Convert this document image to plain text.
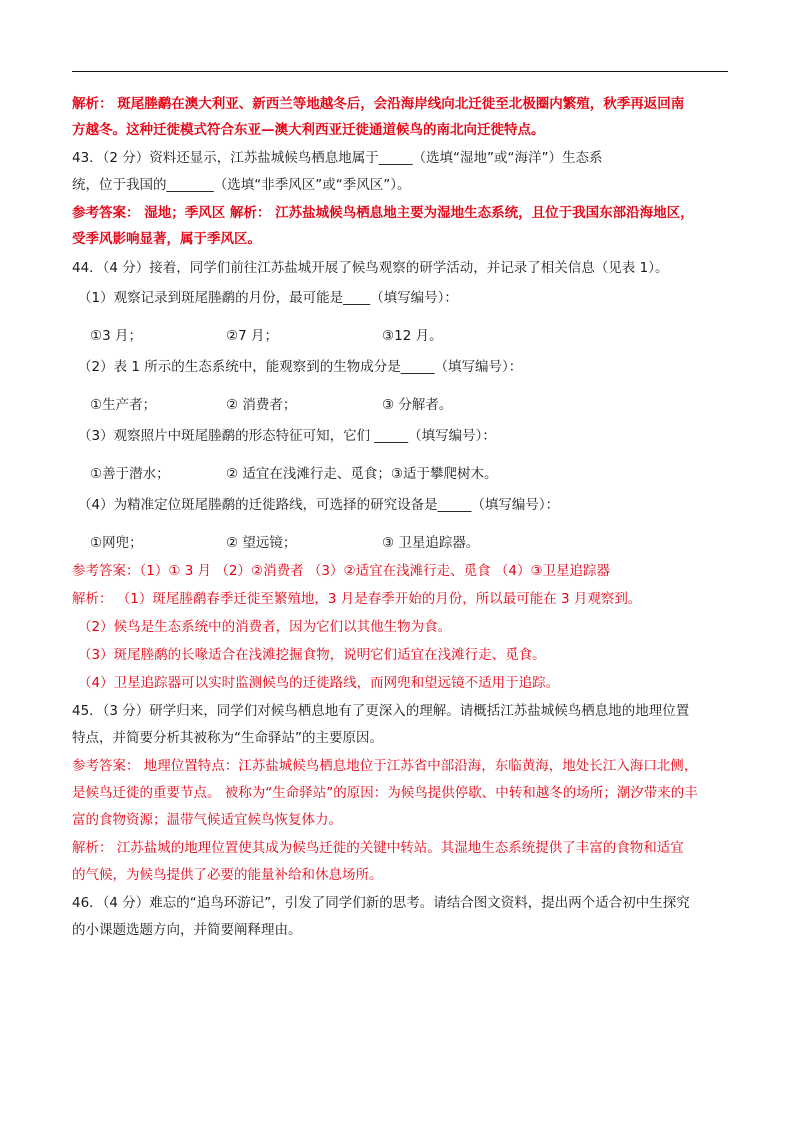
解析： 斑尾塍鹬在澳大利亚、新西兰等地越冬后，会沿海岸线向北迁徙至北极圈内繁殖，秋季再返回南
方越冬。这种迁徙模式符合东亚—澳大利西亚迁徙通道候鸟的南北向迁徙特点。
43．（2 分）资料还显示，江苏盐城候鸟栖息地属于_____（选填“湿地”或“海洋”）生态系
统，位于我国的_______（选填“非季风区”或“季风区”）。
参考答案： 湿地；季风区 解析： 江苏盐城候鸟栖息地主要为湿地生态系统，且位于我国东部沿海地区，
受季风影响显著，属于季风区。
44．（4 分）接着，同学们前往江苏盐城开展了候鸟观察的研学活动，并记录了相关信息（见表 1）。
（1）观察记录到斑尾塍鹬的月份，最可能是____（填写编号）：
①3 月；	②7 月；	③12 月。
（2）表 1 所示的生态系统中，能观察到的生物成分是_____（填写编号）：
①生产者；	② 消费者；	③ 分解者。
（3）观察照片中斑尾塍鹬的形态特征可知，它们 _____（填写编号）：
①善于潜水；	② 适宜在浅滩行走、觅食；③适于攀爬树木。
（4）为精准定位斑尾塍鹬的迁徙路线，可选择的研究设备是_____（填写编号）：
①网兜；	② 望远镜；	③ 卫星追踪器。
参考答案：（1）① 3 月 （2）②消费者 （3）②适宜在浅滩行走、觅食 （4）③卫星追踪器
解析： （1）斑尾塍鹬春季迁徙至繁殖地，3 月是春季开始的月份，所以最可能在 3 月观察到。
（2）候鸟是生态系统中的消费者，因为它们以其他生物为食。
（3）斑尾塍鹬的长喙适合在浅滩挖掘食物，说明它们适宜在浅滩行走、觅食。
（4）卫星追踪器可以实时监测候鸟的迁徙路线，而网兜和望远镜不适用于追踪。
45．（3 分）研学归来，同学们对候鸟栖息地有了更深入的理解。请概括江苏盐城候鸟栖息地的地理位置
特点，并简要分析其被称为“生命驿站”的主要原因。
参考答案： 地理位置特点：江苏盐城候鸟栖息地位于江苏省中部沿海，东临黄海，地处长江入海口北侧，
是候鸟迁徙的重要节点。 被称为“生命驿站”的原因：为候鸟提供停歇、中转和越冬的场所；潮汐带来的丰
富的食物资源；温带气候适宜候鸟恢复体力。
解析： 江苏盐城的地理位置使其成为候鸟迁徙的关键中转站。其湿地生态系统提供了丰富的食物和适宜
的气候，为候鸟提供了必要的能量补给和休息场所。
46．（4 分）难忘的“追鸟环游记”，引发了同学们新的思考。请结合图文资料，提出两个适合初中生探究
的小课题选题方向，并简要阐释理由。
